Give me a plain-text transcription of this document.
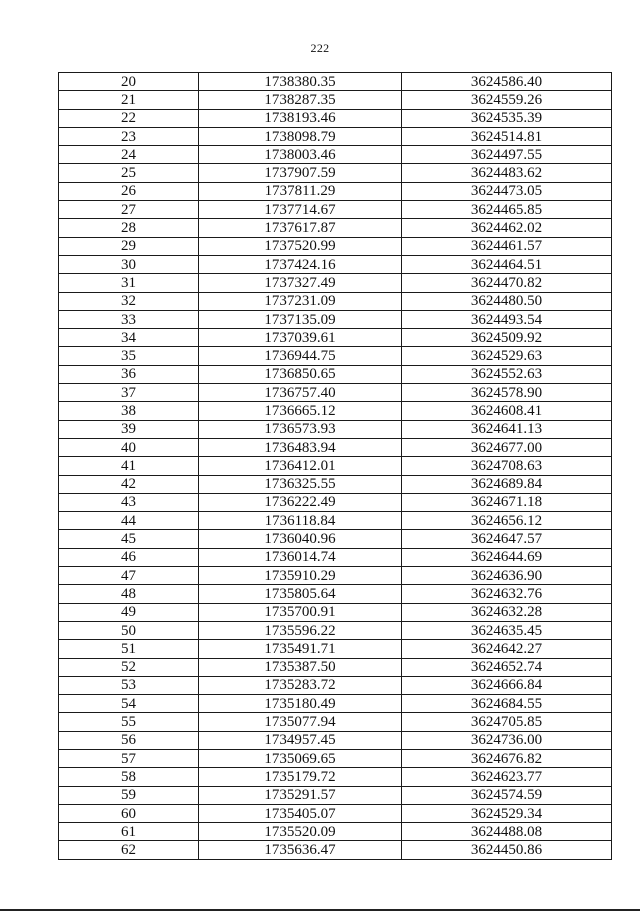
222
20	1738380.35	3624586.40
21	1738287.35	3624559.26
22	1738193.46	3624535.39
23	1738098.79	3624514.81
24	1738003.46	3624497.55
25	1737907.59	3624483.62
26	1737811.29	3624473.05
27	1737714.67	3624465.85
28	1737617.87	3624462.02
29	1737520.99	3624461.57
30	1737424.16	3624464.51
31	1737327.49	3624470.82
32	1737231.09	3624480.50
33	1737135.09	3624493.54
34	1737039.61	3624509.92
35	1736944.75	3624529.63
36	1736850.65	3624552.63
37	1736757.40	3624578.90
38	1736665.12	3624608.41
39	1736573.93	3624641.13
40	1736483.94	3624677.00
41	1736412.01	3624708.63
42	1736325.55	3624689.84
43	1736222.49	3624671.18
44	1736118.84	3624656.12
45	1736040.96	3624647.57
46	1736014.74	3624644.69
47	1735910.29	3624636.90
48	1735805.64	3624632.76
49	1735700.91	3624632.28
50	1735596.22	3624635.45
51	1735491.71	3624642.27
52	1735387.50	3624652.74
53	1735283.72	3624666.84
54	1735180.49	3624684.55
55	1735077.94	3624705.85
56	1734957.45	3624736.00
57	1735069.65	3624676.82
58	1735179.72	3624623.77
59	1735291.57	3624574.59
60	1735405.07	3624529.34
61	1735520.09	3624488.08
62	1735636.47	3624450.86
